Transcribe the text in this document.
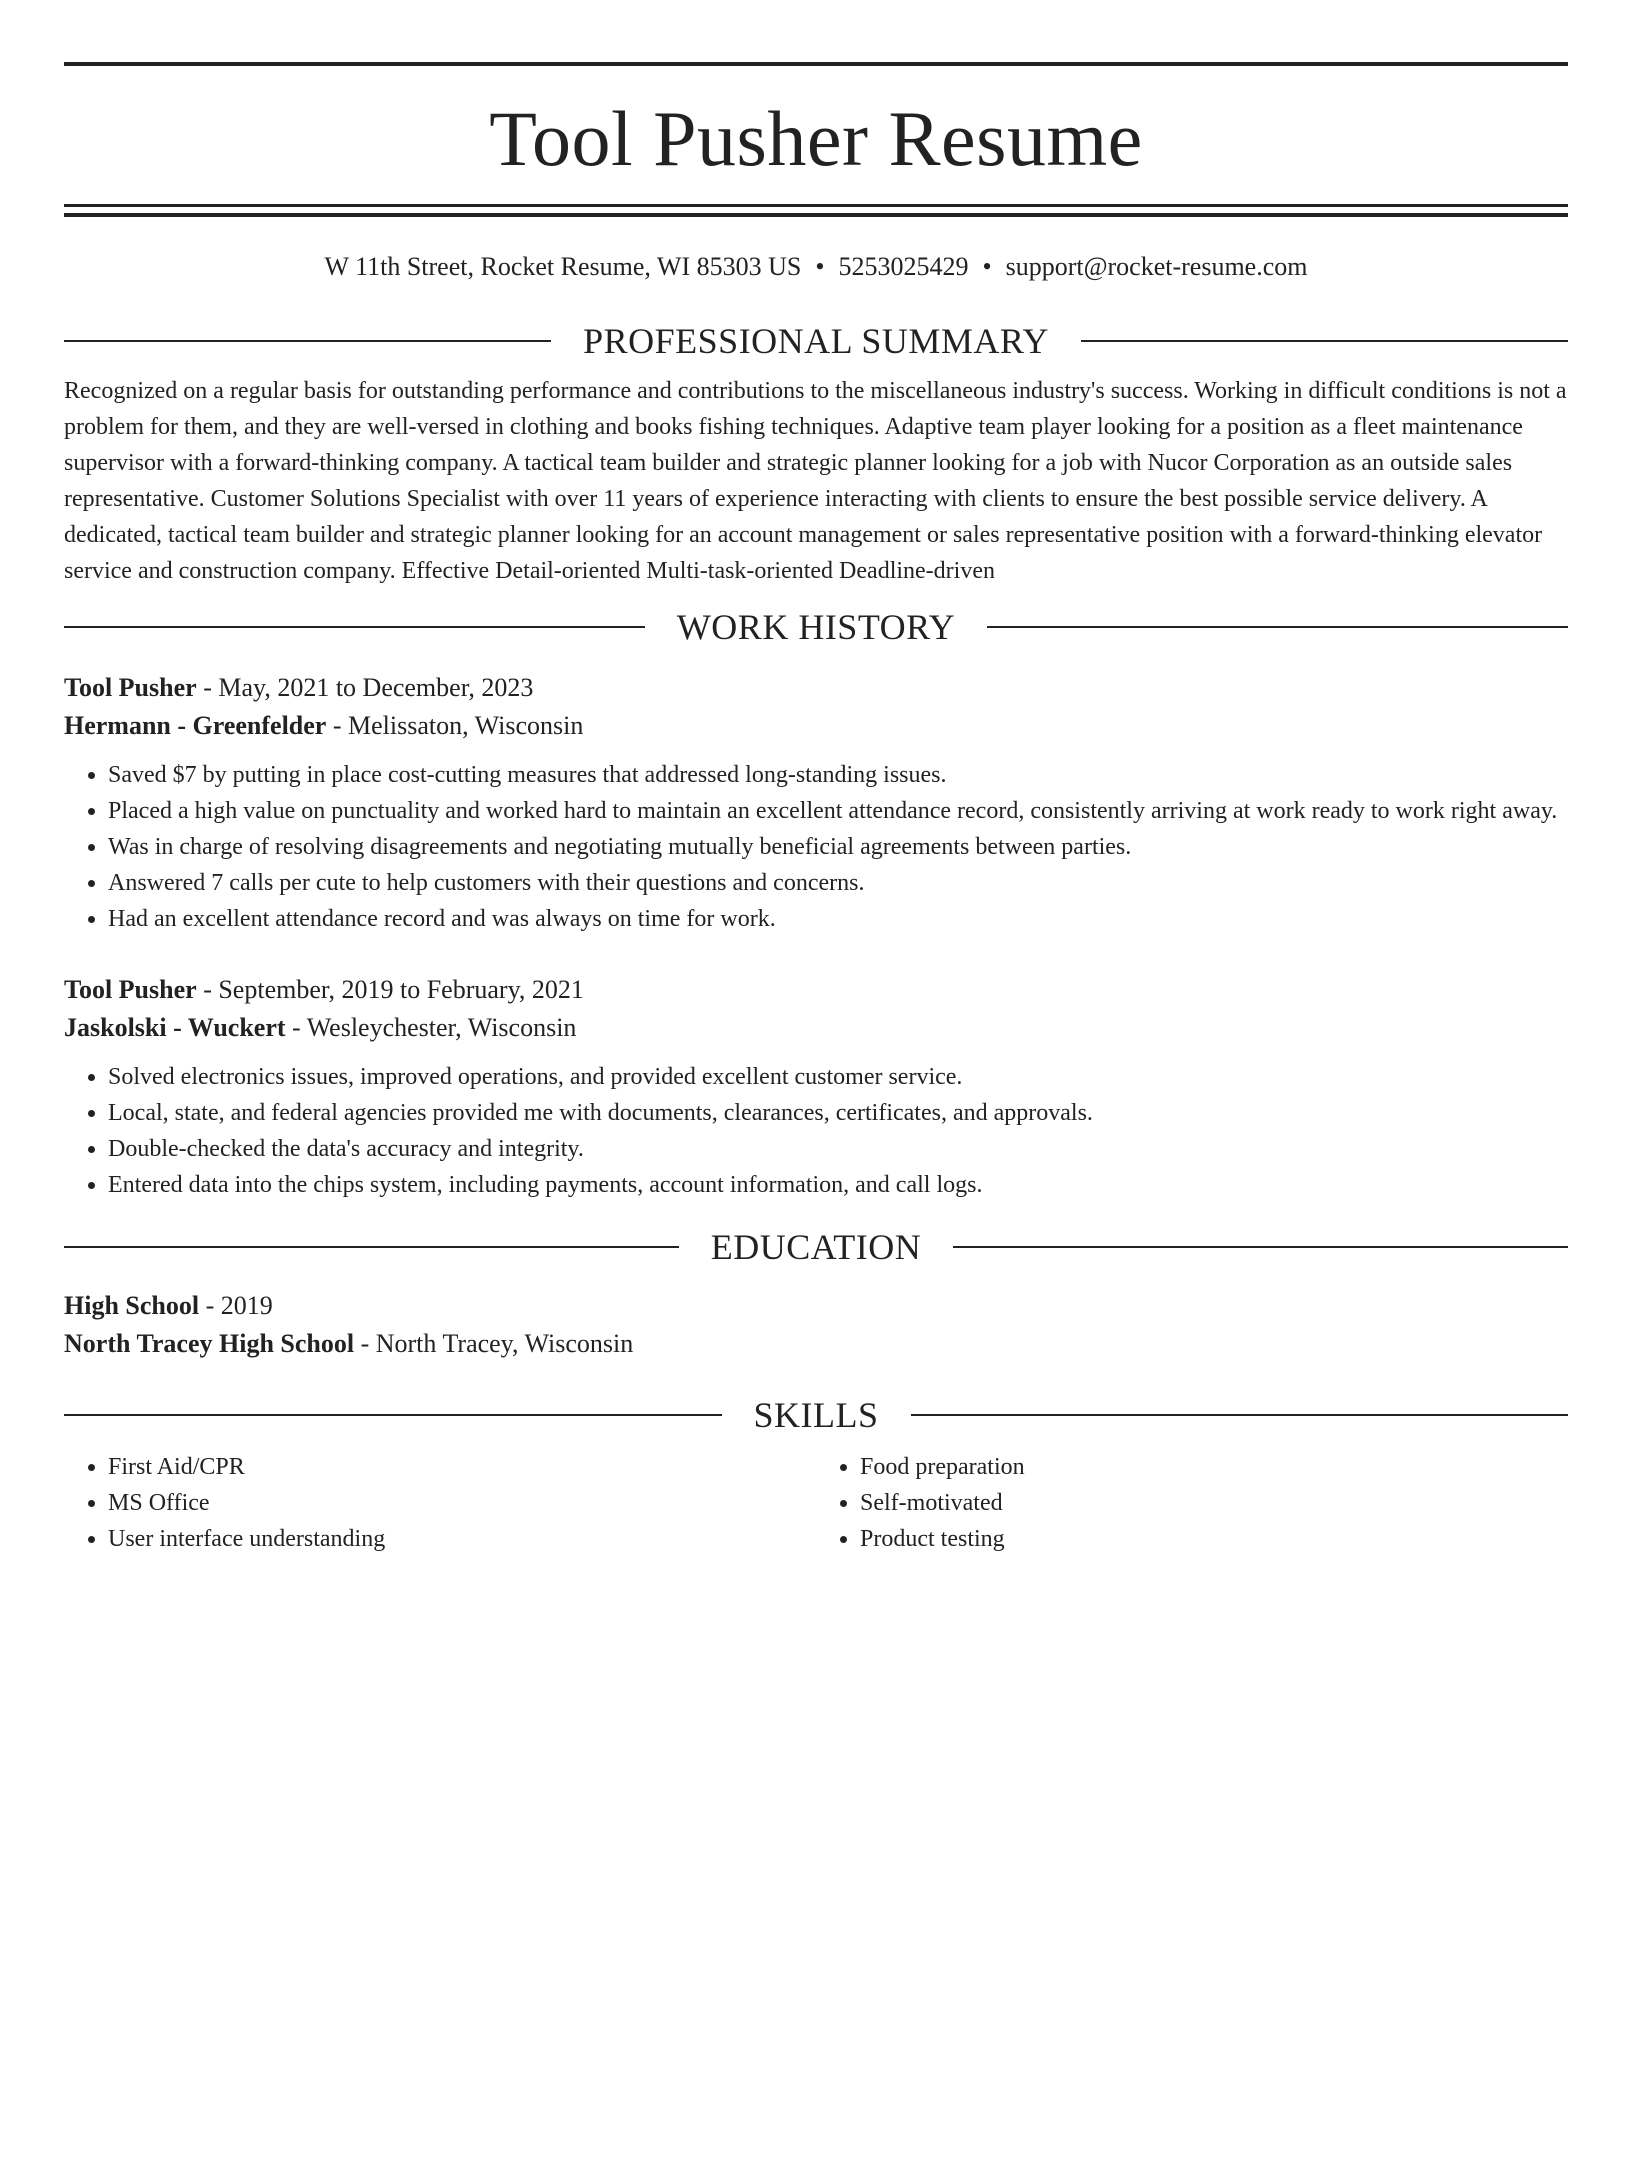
Tool Pusher Resume
W 11th Street, Rocket Resume, WI 85303 US • 5253025429 • support@rocket-resume.com
PROFESSIONAL SUMMARY
Recognized on a regular basis for outstanding performance and contributions to the miscellaneous industry's success. Working in difficult conditions is not a problem for them, and they are well-versed in clothing and books fishing techniques. Adaptive team player looking for a position as a fleet maintenance supervisor with a forward-thinking company. A tactical team builder and strategic planner looking for a job with Nucor Corporation as an outside sales representative. Customer Solutions Specialist with over 11 years of experience interacting with clients to ensure the best possible service delivery. A dedicated, tactical team builder and strategic planner looking for an account management or sales representative position with a forward-thinking elevator service and construction company. Effective Detail-oriented Multi-task-oriented Deadline-driven
WORK HISTORY
Tool Pusher - May, 2021 to December, 2023
Hermann - Greenfelder - Melissaton, Wisconsin
• Saved $7 by putting in place cost-cutting measures that addressed long-standing issues.
• Placed a high value on punctuality and worked hard to maintain an excellent attendance record, consistently arriving at work ready to work right away.
• Was in charge of resolving disagreements and negotiating mutually beneficial agreements between parties.
• Answered 7 calls per cute to help customers with their questions and concerns.
• Had an excellent attendance record and was always on time for work.
Tool Pusher - September, 2019 to February, 2021
Jaskolski - Wuckert - Wesleychester, Wisconsin
• Solved electronics issues, improved operations, and provided excellent customer service.
• Local, state, and federal agencies provided me with documents, clearances, certificates, and approvals.
• Double-checked the data's accuracy and integrity.
• Entered data into the chips system, including payments, account information, and call logs.
EDUCATION
High School - 2019
North Tracey High School - North Tracey, Wisconsin
SKILLS
• First Aid/CPR
• MS Office
• User interface understanding
• Food preparation
• Self-motivated
• Product testing
